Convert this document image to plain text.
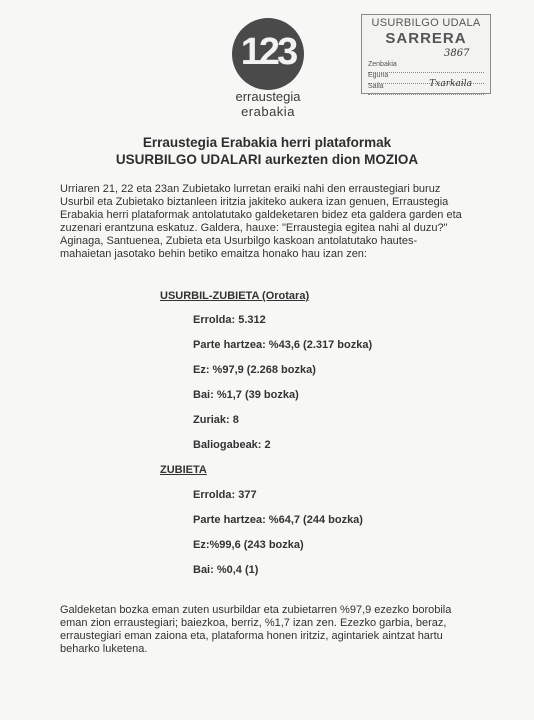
123
erraustegia
erabakia
USURBILGO UDALA
SARRERA
3867
Zenbakia
Eguna
Saila	Txarkaila
Erraustegia Erabakia herri plataformak
USURBILGO UDALARI aurkezten dion MOZIOA
Urriaren 21, 22 eta 23an Zubietako lurretan eraiki nahi den erraustegiari buruz
Usurbil eta Zubietako biztanleen iritzia jakiteko aukera izan genuen, Erraustegia
Erabakia herri plataformak antolatutako galdeketaren bidez eta galdera garden eta
zuzenari erantzuna eskatuz. Galdera, hauxe: "Erraustegia egitea nahi al duzu?"
Aginaga, Santuenea, Zubieta eta Usurbilgo kaskoan antolatutako hautes-
mahaietan jasotako behin betiko emaitza honako hau izan zen:
USURBIL-ZUBIETA (Orotara)
Errolda: 5.312
Parte hartzea: %43,6 (2.317 bozka)
Ez: %97,9 (2.268 bozka)
Bai: %1,7 (39 bozka)
Zuriak: 8
Baliogabeak: 2
ZUBIETA
Errolda: 377
Parte hartzea: %64,7 (244 bozka)
Ez:%99,6 (243 bozka)
Bai: %0,4 (1)
Galdeketan bozka eman zuten usurbildar eta zubietarren %97,9 ezezko borobila
eman zion erraustegiari; baiezkoa, berriz, %1,7 izan zen. Ezezko garbia, beraz,
erraustegiari eman zaiona eta, plataforma honen iritziz, agintariek aintzat hartu
beharko luketena.
